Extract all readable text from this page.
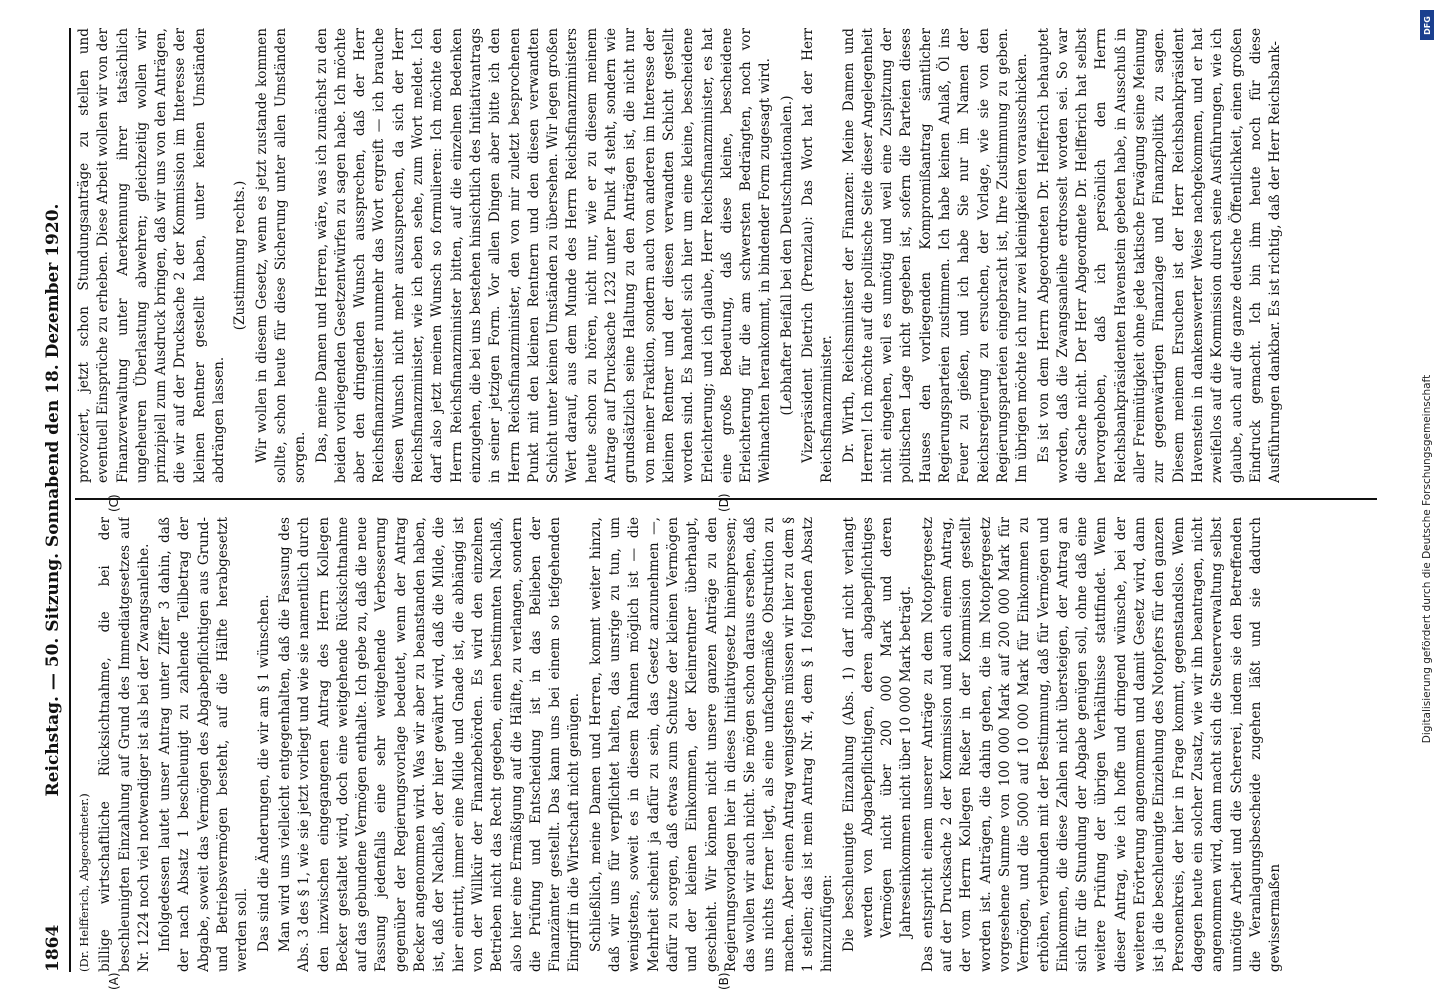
1864
Reichstag. — 50. Sitzung. Sonnabend den 18. Dezember 1920.
(A)	(B)
(D)
(C)

(Dr. Helfferich, Abgeordneter.) billige wirtschaftliche Rücksichtnahme, die bei der beschleunigten Einzahlung auf Grund des Immediatgesetzes auf Nr. 1224 noch viel notwendiger ist als bei der Zwangsanleihe. Infolgedessen lautet unser Antrag unter Ziffer 3 dahin, daß der nach Absatz 1 beschleunigt zu zahlende Teilbetrag der Abgabe, soweit das Vermögen des Abgabepflichtigen aus Grund- und Betriebsvermögen besteht, auf die Hälfte herabgesetzt werden soll. Das sind die Änderungen, die wir am § 1 wünschen. Man wird uns vielleicht entgegenhalten, daß die Fassung des Abs. 3 des § 1, wie sie jetzt vorliegt und wie sie namentlich durch den inzwischen eingegangenen Antrag des Herrn Kollegen Becker gestaltet wird, doch eine weitgehende Rücksichtnahme auf das gebundene Vermögen enthalte. Ich gebe zu, daß die neue Fassung jedenfalls eine sehr weitgehende Verbesserung gegenüber der Regierungsvorlage bedeutet, wenn der Antrag Becker angenommen wird. Was wir aber zu beanstanden haben, ist, daß der Nachlaß, der hier gewährt wird, daß die Milde, die hier eintritt, immer eine Milde und Gnade ist, die abhängig ist von der Willkür der Finanzbehörden. Es wird den einzelnen Betrieben nicht das Recht gegeben, einen bestimmten Nachlaß, also hier eine Ermäßigung auf die Hälfte, zu verlangen, sondern die Prüfung und Entscheidung ist in das Belieben der Finanzämter gestellt. Das kann uns bei einem so tiefgehenden Eingriff in die Wirtschaft nicht genügen. Schließlich, meine Damen und Herren, kommt weiter hinzu, daß wir uns für verpflichtet halten, das unsrige zu tun, um wenigstens, soweit es in diesem Rahmen möglich ist — die Mehrheit scheint ja dafür zu sein, das Gesetz anzunehmen —, dafür zu sorgen, daß etwas zum Schutze der kleinen Vermögen und der kleinen Einkommen, der Kleinrentner überhaupt, geschieht. Wir können nicht unsere ganzen Anträge zu den Regierungsvorlagen hier in dieses Initiativgesetz hineinpressen; das wollen wir auch nicht. Sie mögen schon daraus ersehen, daß uns nichts ferner liegt, als eine unfachgemäße Obstruktion zu machen. Aber einen Antrag wenigstens müssen wir hier zu dem § 1 stellen; das ist mein Antrag Nr. 4, dem § 1 folgenden Absatz hinzuzufügen: Die beschleunigte Einzahlung (Abs. 1) darf nicht verlangt werden von Abgabepflichtigen, deren abgabepflichtiges Vermögen nicht über 200 000 Mark und deren Jahreseinkommen nicht über 10 000 Mark beträgt. Das entspricht einem unserer Anträge zu dem Notopfergesetz auf der Drucksache 2 der Kommission und auch einem Antrag, der vom Herrn Kollegen Rießer in der Kommission gestellt worden ist. Anträgen, die dahin gehen, die im Notopfergesetz vorgesehene Summe von 100 000 Mark auf 200 000 Mark für Vermögen, und die 5000 auf 10 000 Mark für Einkommen zu erhöhen, verbunden mit der Bestimmung, daß für Vermögen und Einkommen, die diese Zahlen nicht übersteigen, der Antrag an sich für die Stundung der Abgabe genügen soll, ohne daß eine weitere Prüfung der übrigen Verhältnisse stattfindet. Wenn dieser Antrag, wie ich hoffe und dringend wünsche, bei der weiteren Erörterung angenommen und damit Gesetz wird, dann ist ja die beschleunigte Einziehung des Notopfers für den ganzen Personenkreis, der hier in Frage kommt, gegenstandslos. Wenn dagegen heute ein solcher Zusatz, wie wir ihn beantragen, nicht angenommen wird, dann macht sich die Steuerverwaltung selbst unnötige Arbeit und die Schererei, indem sie den Betreffenden die Veranlagungsbescheide zugehen läßt und sie dadurch gewissermaßen

provoziert, jetzt schon Stundungsanträge zu stellen und eventuell Einsprüche zu erheben. Diese Arbeit wollen wir von der Finanzverwaltung unter Anerkennung ihrer tatsächlich ungeheuren Überlastung abwehren; gleichzeitig wollen wir prinzipiell zum Ausdruck bringen, daß wir uns von den Anträgen, die wir auf der Drucksache 2 der Kommission im Interesse der kleinen Rentner gestellt haben, unter keinen Umständen abdrängen lassen.

(Zustimmung rechts.) Wir wollen in diesem Gesetz, wenn es jetzt zustande kommen sollte, schon heute für diese Sicherung unter allen Umständen sorgen. Das, meine Damen und Herren, wäre, was ich zunächst zu den beiden vorliegenden Gesetzentwürfen zu sagen habe. Ich möchte aber den dringenden Wunsch aussprechen, daß der Herr Reichsfinanzminister nunmehr das Wort ergreift — ich brauche diesen Wunsch nicht mehr auszusprechen, da sich der Herr Reichsfinanzminister, wie ich eben sehe, zum Wort meldet. Ich darf also jetzt meinen Wunsch so formulieren: Ich möchte den Herrn Reichsfinanzminister bitten, auf die einzelnen Bedenken einzugehen, die bei uns bestehen hinsichtlich des Initiativantrags in seiner jetzigen Form. Vor allen Dingen aber bitte ich den Herrn Reichsfinanzminister, den von mir zuletzt besprochenen Punkt mit den kleinen Rentnern und den diesen verwandten Schicht unter keinen Umständen zu übersehen. Wir legen großen Wert darauf, aus dem Munde des Herrn Reichsfinanzministers heute schon zu hören, nicht nur, wie er zu diesem meinem Antrage auf Drucksache 1232 unter Punkt 4 steht, sondern wie grundsätzlich seine Haltung zu den Anträgen ist, die nicht nur von meiner Fraktion, sondern auch von anderen im Interesse der kleinen Rentner und der diesen verwandten Schicht gestellt worden sind. Es handelt sich hier um eine kleine, bescheidene Erleichterung; und ich glaube, Herr Reichsfinanzminister, es hat eine große Bedeutung, daß diese kleine, bescheidene Erleichterung für die am schwersten Bedrängten, noch vor Weihnachten herankommt, in bindender Form zugesagt wird. (Lebhafter Beifall bei den Deutschnationalen.) Vizepräsident Dietrich (Prenzlau): Das Wort hat der Herr Reichsfinanzminister. Dr. Wirth, Reichsminister der Finanzen: Meine Damen und Herren! Ich möchte auf die politische Seite dieser Angelegenheit nicht eingehen, weil es unnötig und weil eine Zuspitzung der politischen Lage nicht gegeben ist, sofern die Parteien dieses Hauses den vorliegenden Kompromißantrag sämtlicher Regierungsparteien zustimmen. Ich habe keinen Anlaß, Öl ins Feuer zu gießen, und ich habe Sie nur im Namen der Reichsregierung zu ersuchen, der Vorlage, wie sie von den Regierungsparteien eingebracht ist, Ihre Zustimmung zu geben. Im übrigen möchte ich nur zwei kleinigkeiten vorausschicken. Es ist von dem Herrn Abgeordneten Dr. Helfferich behauptet worden, daß die Zwangsanleihe erdrosselt worden sei. So war die Sache nicht. Der Herr Abgeordnete Dr. Helfferich hat selbst hervorgehoben, daß ich persönlich den Herrn Reichsbankpräsidenten Havenstein gebeten habe, in Ausschuß in aller Freimütigkeit ohne jede taktische Erwägung seine Meinung zur gegenwärtigen Finanzlage und Finanzpolitik zu sagen. Diesem meinem Ersuchen ist der Herr Reichsbankpräsident Havenstein in dankenswerter Weise nachgekommen, und er hat zweifellos auf die Kommission durch seine Ausführungen, wie ich glaube, auch auf die ganze deutsche Öffentlichkeit, einen großen Eindruck gemacht. Ich bin ihm heute noch für diese Ausführungen dankbar. Es ist richtig, daß der Herr Reichsbank-

DFG
Digitalisierung gefördert durch die Deutsche Forschungsgemeinschaft
